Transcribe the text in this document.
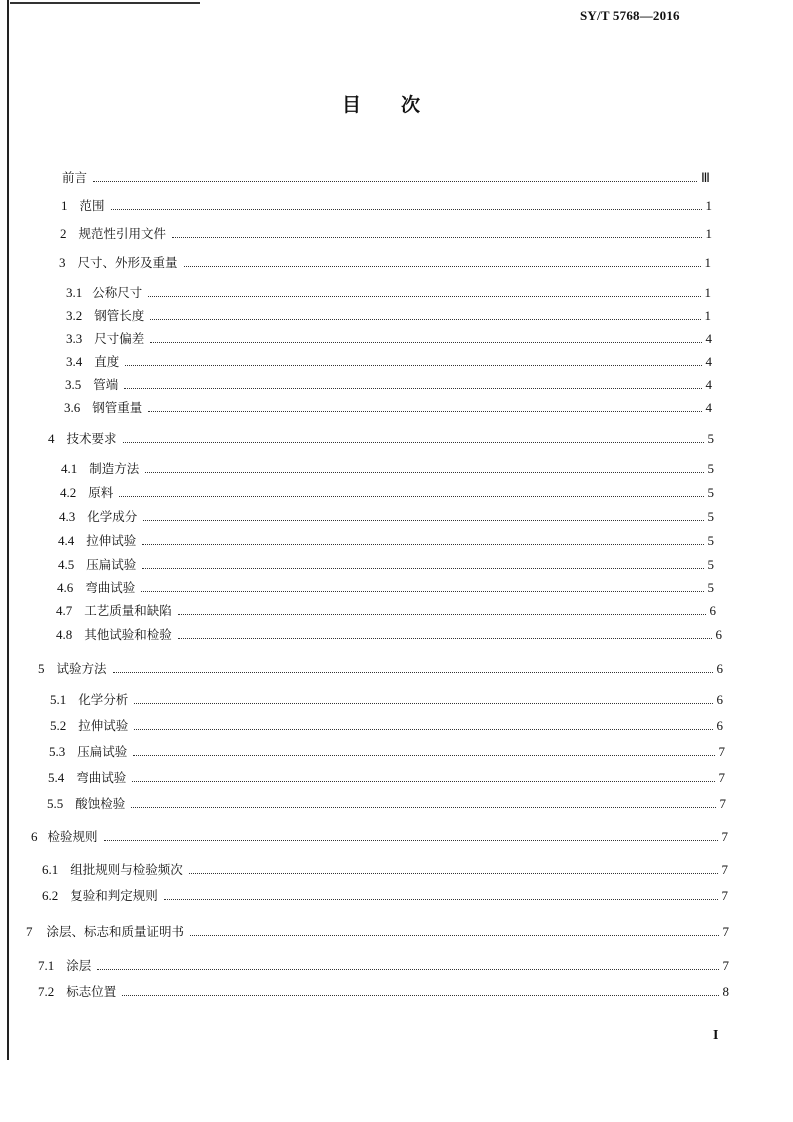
SY/T 5768—2016
目 次
前言	Ⅲ
1 范围	1
2 规范性引用文件	1
3 尺寸、外形及重量	1
3.1 公称尺寸	1
3.2 钢管长度	1
3.3 尺寸偏差	4
3.4 直度	4
3.5 管端	4
3.6 钢管重量	4
4 技术要求	5
4.1 制造方法	5
4.2 原料	5
4.3 化学成分	5
4.4 拉伸试验	5
4.5 压扁试验	5
4.6 弯曲试验	5
4.7 工艺质量和缺陷	6
4.8 其他试验和检验	6
5 试验方法	6
5.1 化学分析	6
5.2 拉伸试验	6
5.3 压扁试验	7
5.4 弯曲试验	7
5.5 酸蚀检验	7
6 检验规则	7
6.1 组批规则与检验频次	7
6.2 复验和判定规则	7
7 涂层、标志和质量证明书	7
7.1 涂层	7
7.2 标志位置	8
I
